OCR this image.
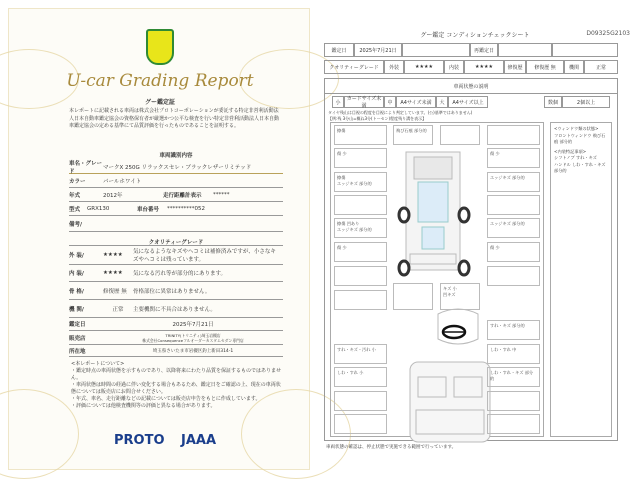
U-car Grading Report
グー鑑定証
本レポートに記載される車両は株式会社プロトコーポレーションが委託する特定非営利活動法人日本自動車鑑定協会の資格保有者が厳選かつ公平な検査を行い特定非営利活動法人日本自動車鑑定協会の定める基準にて品質評価を行ったものであることを証明する。
車両識別内容
車名・グレード
マークX 250G リラックスセレ・ブラックレザーリミテッド
カラー	パールホワイト
年式	2012年	走行距離計表示	******
型式	GRX130	車台番号	**********052
備考/
クオリティーグレード
外 装/	★★★★	気になるようなキズやヘコミは補修済みですが、小さなキズやヘコミは残っています。
内 装/	★★★★	気になる汚れ等が部分的にあります。
骨 格/	修復歴 無	骨格部位に異常はありません。
機 関/	正常	主要機関に不具合はありません。
鑑定日	2025年7月21日
販売店
TRINITY(トリニティ)埼玉岩槻店
株式会社Consequenceフルオーダーカスタムセダン専門店
所在地	埼玉県さいたま市岩槻区釣上新田314-1
<本レポートについて>
・鑑定時点の車両状態を示すものであり、以降将来にわたり品質を保証するものではありません。
・車両状態は時間の経過に伴い変化する場合もあるため、鑑定日をご確認の上、現在の車両状態については販売店にお問合せください。
・年式、車名、走行距離などの記載については販売店申告をもとに作成しています。
・評価については他検査機関等の評価と異なる場合があります。
PROTO JAAA
グー鑑定 コンディションチェックシート	D09325G2103
鑑定日	2025年7月21日	再鑑定日
クオリティーグレード	外装	★★★★	内装	★★★★	修復歴	修復歴 無	機関	正常
車両状態の説明
小
カードサイズ未満
中	A4サイズ未満	大	A4サイズ以上	数個	2個以上
タイヤ残山は目視の程度を目視により判定しています。(公)基準ではありません)
【例:残 3分山=概ね3分(トーセン)程度残り溝を表示】
<ウィンドウ類の状態>
フロントウィンドウ 飛び石痕 部分的
<内装特記事項>
シフトノブ すれ・キズ
ハンドル しわ・すれ・キズ 部分的
擦傷
傷 少
擦傷
エッジキズ 部分的
擦傷 凹あり
エッジキズ 部分的
傷 少
傷 少
エッジキズ 部分的
エッジキズ 部分的
傷 少
飛び石痕 部分的
キズ 小
凹キズ
すれ・キズ・汚れ 小
しわ・すれ 小
すれ・キズ 部分的
しわ・すれ 中
しわ・すれ・キズ 部分的
車両状態の確認は、停止状態で実施できる範囲で行っています。
